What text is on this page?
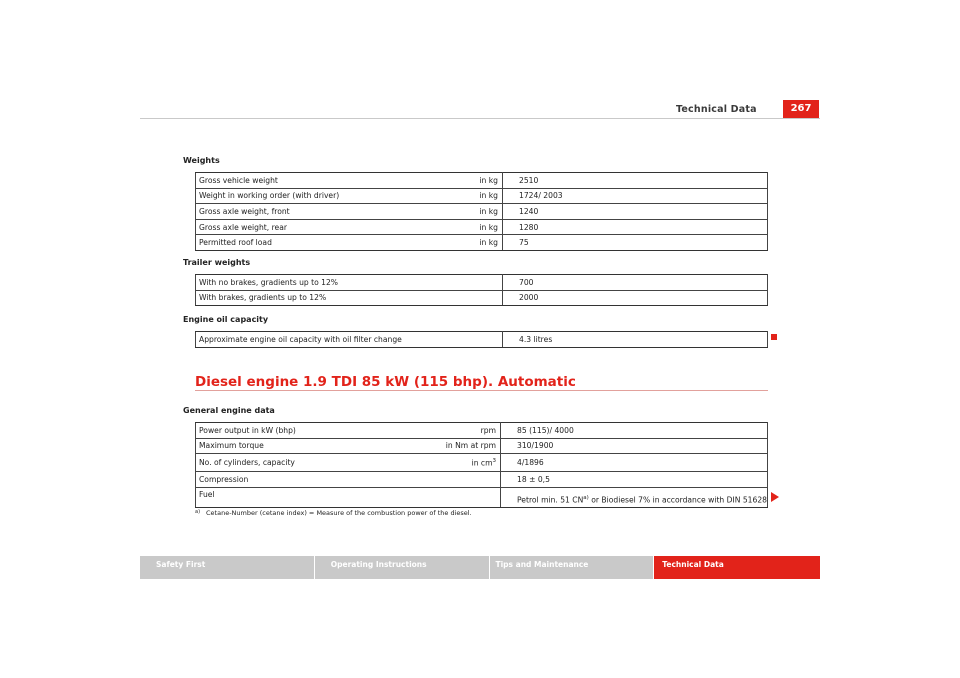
Technical Data	267
Weights
Gross vehicle weight	in kg	2510
Weight in working order (with driver)	in kg	1724/ 2003
Gross axle weight, front	in kg	1240
Gross axle weight, rear	in kg	1280
Permitted roof load	in kg	75
Trailer weights
With no brakes, gradients up to 12%		700
With brakes, gradients up to 12%		2000
Engine oil capacity
Approximate engine oil capacity with oil filter change		4.3 litres
Diesel engine 1.9 TDI 85 kW (115 bhp). Automatic
General engine data
Power output in kW (bhp)	rpm	85 (115)/ 4000
Maximum torque	in Nm at rpm	310/1900
No. of cylinders, capacity	in $cm^3$	4/1896
Compression		18 ± 0,5
Fuel		Petrol min. 51 CN$^{a)}$ or Biodiesel 7% in accordance with DIN 51628
$^{a)}$ Cetane-Number (cetane index) = Measure of the combustion power of the diesel.
Safety First	Operating Instructions	Tips and Maintenance	Technical Data
